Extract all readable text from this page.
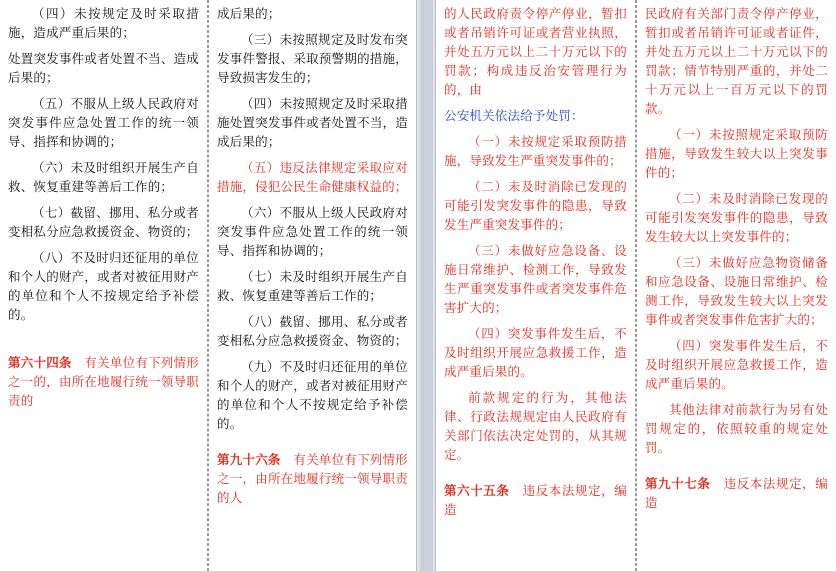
（四）未按规定及时采取措施，造成严重后果的；

处置突发事件或者处置不当、造成后果的；

（五）不服从上级人民政府对突发事件应急处置工作的统一领导、指挥和协调的；

（六）未及时组织开展生产自救、恢复重建等善后工作的；

（七）截留、挪用、私分或者变相私分应急救援资金、物资的；

（八）不及时归还征用的单位和个人的财产，或者对被征用财产的单位和个人不按规定给予补偿的。

第六十四条　有关单位有下列情形之一的，由所在地履行统一领导职责的

成后果的；

（三）未按照规定及时发布突发事件警报、采取预警期的措施，导致损害发生的；

（四）未按照规定及时采取措施处置突发事件或者处置不当，造成后果的；

（五）违反法律规定采取应对措施，侵犯公民生命健康权益的；

（六）不服从上级人民政府对突发事件应急处置工作的统一领导、指挥和协调的；

（七）未及时组织开展生产自救、恢复重建等善后工作的；

（八）截留、挪用、私分或者变相私分应急救援资金、物资的；

（九）不及时归还征用的单位和个人的财产，或者对被征用财产的单位和个人不按规定给予补偿的。

第九十六条　有关单位有下列情形之一，由所在地履行统一领导职责的人

的人民政府责令停产停业，暂扣或者吊销许可证或者营业执照，并处五万元以上二十万元以下的罚款；构成违反治安管理行为的，由

公安机关依法给予处罚：

（一）未按规定采取预防措施，导致发生严重突发事件的；

（二）未及时消除已发现的可能引发突发事件的隐患，导致发生严重突发事件的；

（三）未做好应急设备、设施日常维护、检测工作，导致发生严重突发事件或者突发事件危害扩大的；

（四）突发事件发生后，不及时组织开展应急救援工作，造成严重后果的。

前款规定的行为，其他法律、行政法规规定由人民政府有关部门依法决定处罚的，从其规定。

第六十五条　违反本法规定，编造

民政府有关部门责令停产停业，暂扣或者吊销许可证或者证件，并处五万元以上二十万元以下的罚款；情节特别严重的，并处二十万元以上一百万元以下的罚款。

（一）未按照规定采取预防措施，导致发生较大以上突发事件的；

（二）未及时消除已发现的可能引发突发事件的隐患，导致发生较大以上突发事件的；

（三）未做好应急物资储备和应急设备、设施日常维护、检测工作，导致发生较大以上突发事件或者突发事件危害扩大的；

（四）突发事件发生后，不及时组织开展应急救援工作，造成严重后果的。

其他法律对前款行为另有处罚规定的，依照较重的规定处罚。

第九十七条　违反本法规定，编造
